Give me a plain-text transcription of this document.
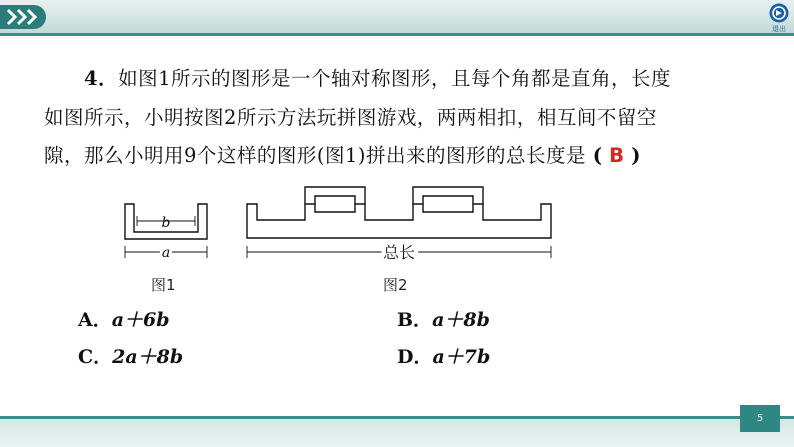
退出
4．如图1所示的图形是一个轴对称图形，且每个角都是直角，长度
如图所示，小明按图2所示方法玩拼图游戏，两两相扣，相互间不留空
隙，那么小明用9个这样的图形(图1)拼出来的图形的总长度是 ( B )
b
a	总长
图1	图2
A．a＋6b	B．a＋8b
C．2a＋8b	D．a＋7b
5
